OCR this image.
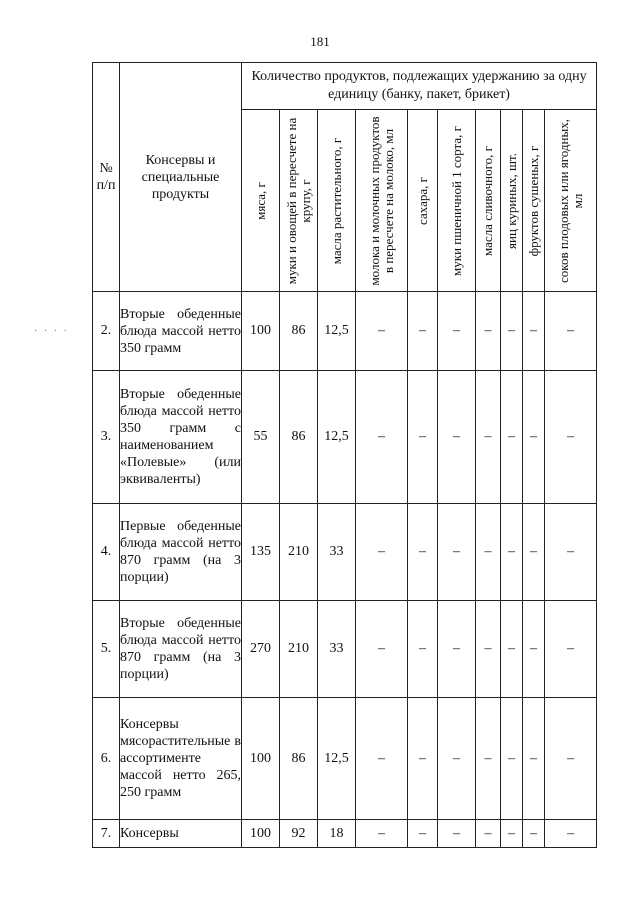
181
· · · ·
№ п/п	Консервы и специальные продукты	Количество продуктов, подлежащих удержанию за одну единицу (банку, пакет, брикет)									

		мяса, г	муки и овощей в пересчете на крупу, г	масла растительного, г	молока и молочных продуктов в пересчете на молоко, мл	сахара, г	муки пшеничной 1 сорта, г	масла сливочного, г	яиц куриных, шт.	фруктов сушеных, г	соков плодовых или ягодных, мл

2.	Вторые обеденные блюда массой нетто 350 грамм	100	86	12,5	–	–	–	–	–	–	–
3.	Вторые обеденные блюда массой нетто 350 грамм с наименованием «Полевые» (или эквиваленты)	55	86	12,5	–	–	–	–	–	–	–
4.	Первые обеденные блюда массой нетто 870 грамм (на 3 порции)	135	210	33	–	–	–	–	–	–	–
5.	Вторые обеденные блюда массой нетто 870 грамм (на 3 порции)	270	210	33	–	–	–	–	–	–	–
6.	Консервы мясорастительные в ассортименте массой нетто 265, 250 грамм	100	86	12,5	–	–	–	–	–	–	–
7.	Консервы	100	92	18	–	–	–	–	–	–	–
